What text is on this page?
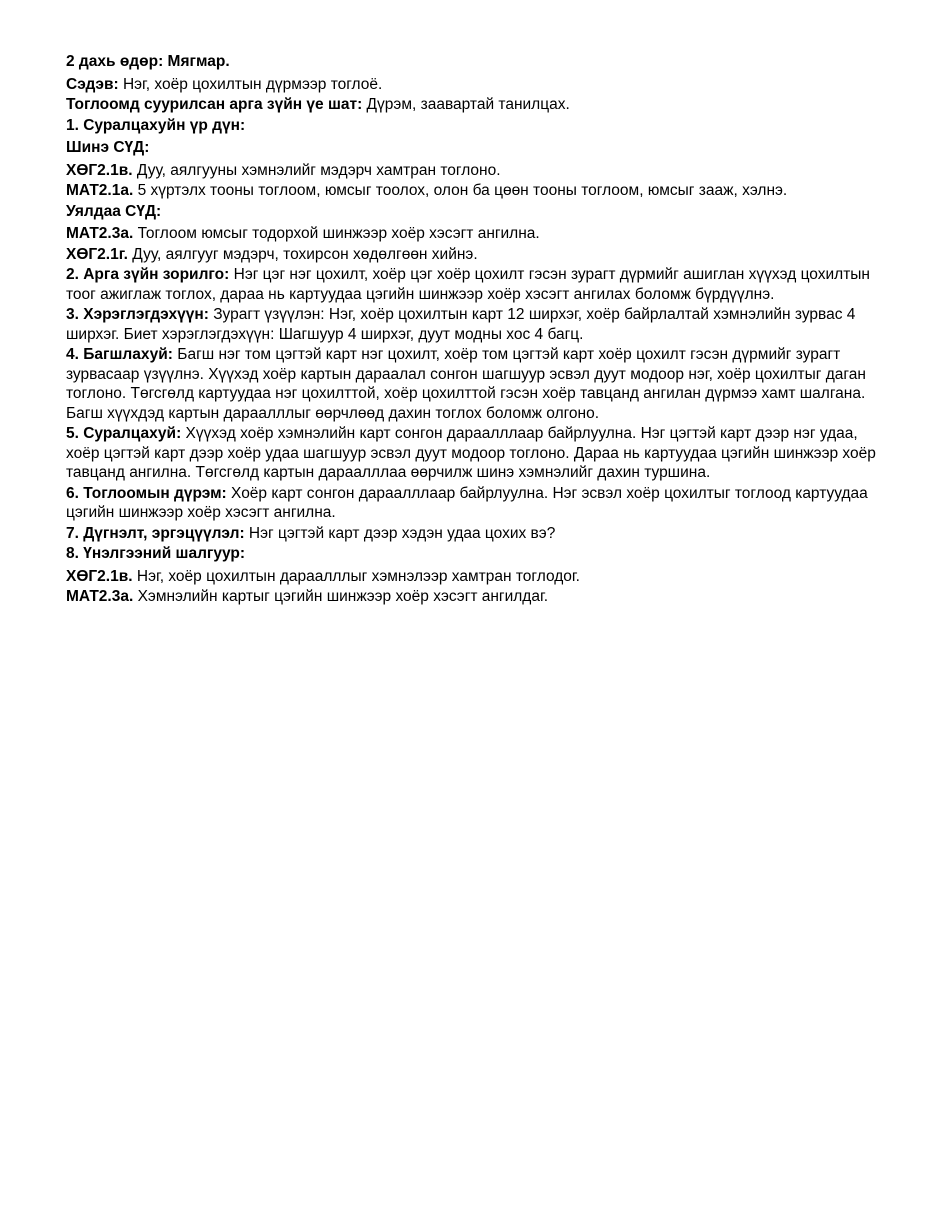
2 дахь өдөр: Мягмар.
Сэдэв: Нэг, хоёр цохилтын дүрмээр тоглоё.
Тоглоомд суурилсан арга зүйн үе шат: Дүрэм, заавартай танилцах.
1. Суралцахуйн үр дүн:
Шинэ СҮД:
ХӨГ2.1в. Дуу, аялгууны хэмнэлийг мэдэрч хамтран тоглоно.
МАТ2.1а. 5 хүртэлх тооны тоглоом, юмсыг тоолох, олон ба цөөн тооны тоглоом, юмсыг зааж, хэлнэ.
Уялдаа СҮД:
МАТ2.3а. Тоглоом юмсыг тодорхой шинжээр хоёр хэсэгт ангилна.
ХӨГ2.1г. Дуу, аялгууг мэдэрч, тохирсон хөдөлгөөн хийнэ.
2. Арга зүйн зорилго: Нэг цэг нэг цохилт, хоёр цэг хоёр цохилт гэсэн зурагт дүрмийг ашиглан хүүхэд цохилтын тоог ажиглаж тоглох, дараа нь картуудаа цэгийн шинжээр хоёр хэсэгт ангилах боломж бүрдүүлнэ.
3. Хэрэглэгдэхүүн: Зурагт үзүүлэн: Нэг, хоёр цохилтын карт 12 ширхэг, хоёр байрлалтай хэмнэлийн зурвас 4 ширхэг. Биет хэрэглэгдэхүүн: Шагшуур 4 ширхэг, дуут модны хос 4 багц.
4. Багшлахуй: Багш нэг том цэгтэй карт нэг цохилт, хоёр том цэгтэй карт хоёр цохилт гэсэн дүрмийг зурагт зурвасаар үзүүлнэ. Хүүхэд хоёр картын дараалал сонгон шагшуур эсвэл дуут модоор нэг, хоёр цохилтыг даган тоглоно. Төгсгөлд картуудаа нэг цохилттой, хоёр цохилттой гэсэн хоёр тавцанд ангилан дүрмээ хамт шалгана. Багш хүүхдэд картын дараалллыг өөрчлөөд дахин тоглох боломж олгоно.
5. Суралцахуй: Хүүхэд хоёр хэмнэлийн карт сонгон дараалллаар байрлуулна. Нэг цэгтэй карт дээр нэг удаа, хоёр цэгтэй карт дээр хоёр удаа шагшуур эсвэл дуут модоор тоглоно. Дараа нь картуудаа цэгийн шинжээр хоёр тавцанд ангилна. Төгсгөлд картын дараалллаа өөрчилж шинэ хэмнэлийг дахин туршина.
6. Тоглоомын дүрэм: Хоёр карт сонгон дараалллаар байрлуулна. Нэг эсвэл хоёр цохилтыг тоглоод картуудаа цэгийн шинжээр хоёр хэсэгт ангилна.
7. Дүгнэлт, эргэцүүлэл: Нэг цэгтэй карт дээр хэдэн удаа цохих вэ?
8. Үнэлгээний шалгуур:
ХӨГ2.1в. Нэг, хоёр цохилтын дараалллыг хэмнэлээр хамтран тоглодог.
МАТ2.3а. Хэмнэлийн картыг цэгийн шинжээр хоёр хэсэгт ангилдаг.
